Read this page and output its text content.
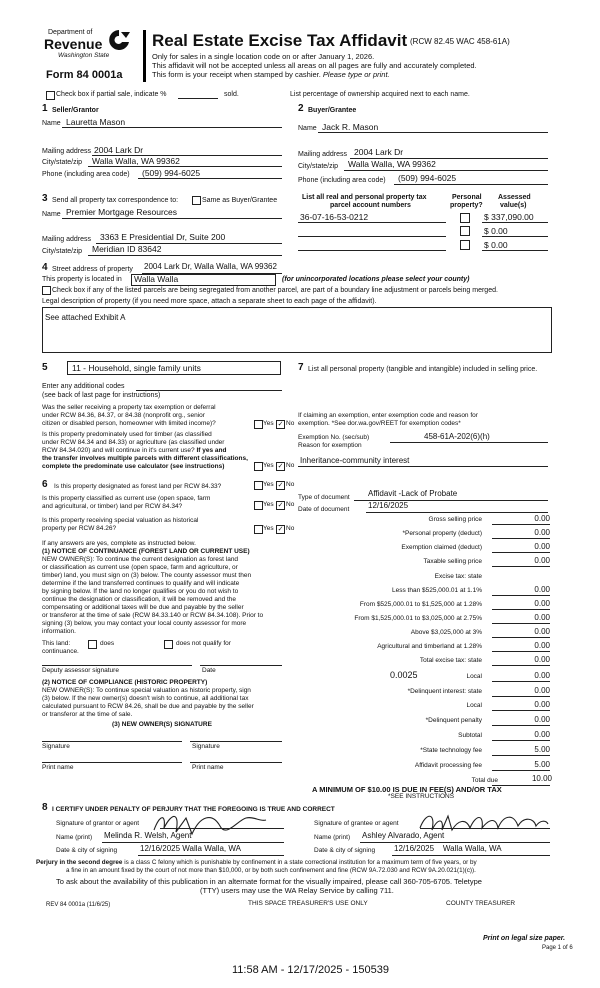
Department of
Revenue
Washington State
Form 84 0001a
Real Estate Excise Tax Affidavit (RCW 82.45 WAC 458-61A)
Only for sales in a single location code on or after January 1, 2026.
This affidavit will not be accepted unless all areas on all pages are fully and accurately completed.
This form is your receipt when stamped by cashier. Please type or print.
Check box if partial sale, indicate %	sold.	List percentage of ownership acquired next to each name.
1 Seller/Grantor
Name Lauretta Mason
Mailing address 2004 Lark Dr
City/state/zip Walla Walla, WA 99362
Phone (including area code) (509) 994-6025
2 Buyer/Grantee
Name Jack R. Mason
Mailing address 2004 Lark Dr
City/state/zip Walla Walla, WA 99362
Phone (including area code) (509) 994-6025
3 Send all property tax correspondence to:	Same as Buyer/Grantee
Name Premier Mortgage Resources
Mailing address 3363 E Presidential Dr, Suite 200
City/state/zip Meridian ID 83642
List all real and personal property tax
parcel account numbers
Personal
property?
Assessed
value(s)
36-07-16-53-0212	$ 337,090.00
$ 0.00
$ 0.00
4 Street address of property 2004 Lark Dr, Walla Walla, WA 99362
This property is located in Walla Walla	(for unincorporated locations please select your county)
Check box if any of the listed parcels are being segregated from another parcel, are part of a boundary line adjustment or parcels being merged.
Legal description of property (if you need more space, attach a separate sheet to each page of the affidavit).
See attached Exhibit A
5	11 - Household, single family units
Enter any additional codes
(see back of last page for instructions)
Was the seller receiving a property tax exemption or deferral
under RCW 84.36, 84.37, or 84.38 (nonprofit org., senior
citizen or disabled person, homeowner with limited income)?	Yes ✓ No
Is this property predominately used for timber (as classified
under RCW 84.34 and 84.33) or agriculture (as classified under
RCW 84.34.020) and will continue in it's current use? If yes and
the transfer involves multiple parcels with different classifications,
complete the predominate use calculator (see instructions)	Yes ✓ No
6 Is this property designated as forest land per RCW 84.33?	Yes ✓ No
Is this property classified as current use (open space, farm
and agricultural, or timber) land per RCW 84.34?	Yes ✓ No
Is this property receiving special valuation as historical
property per RCW 84.26?	Yes ✓ No
If any answers are yes, complete as instructed below.
(1) NOTICE OF CONTINUANCE (FOREST LAND OR CURRENT USE)
NEW OWNER(S): To continue the current designation as forest land
or classification as current use (open space, farm and agriculture, or
timber) land, you must sign on (3) below. The county assessor must then
determine if the land transferred continues to qualify and will indicate
by signing below. If the land no longer qualifies or you do not wish to
continue the designation or classification, it will be removed and the
compensating or additional taxes will be due and payable by the seller
or transferor at the time of sale (RCW 84.33.140 or RCW 84.34.108). Prior to
signing (3) below, you may contact your local county assessor for more
information.
This land:	does	does not qualify for
continuance.
Deputy assessor signature	Date
(2) NOTICE OF COMPLIANCE (HISTORIC PROPERTY)
NEW OWNER(S): To continue special valuation as historic property, sign
(3) below. If the new owner(s) doesn't wish to continue, all additional tax
calculated pursuant to RCW 84.26, shall be due and payable by the seller
or transferor at the time of sale.
(3) NEW OWNER(S) SIGNATURE
Signature	Signature
Print name	Print name
7 List all personal property (tangible and intangible) included in selling price.
If claiming an exemption, enter exemption code and reason for
exemption. *See dor.wa.gov/REET for exemption codes*
Exemption No. (sec/sub)	458-61A-202(6)(h)
Reason for exemption
Inheritance-community interest
Type of document Affidavit -Lack of Probate
Date of document 12/16/2025
Gross selling price	0.00
*Personal property (deduct)	0.00
Exemption claimed (deduct)	0.00
Taxable selling price	0.00
Excise tax: state
Less than $525,000.01 at 1.1%	0.00
From $525,000.01 to $1,525,000 at 1.28%	0.00
From $1,525,000.01 to $3,025,000 at 2.75%	0.00
Above $3,025,000 at 3%	0.00
Agricultural and timberland at 1.28%	0.00
Total excise tax: state	0.00
0.0025	Local	0.00
*Delinquent interest: state	0.00
Local	0.00
*Delinquent penalty	0.00
Subtotal	0.00
*State technology fee	5.00
Affidavit processing fee	5.00
Total due	10.00
A MINIMUM OF $10.00 IS DUE IN FEE(S) AND/OR TAX
*SEE INSTRUCTIONS
8 I CERTIFY UNDER PENALTY OF PERJURY THAT THE FOREGOING IS TRUE AND CORRECT
Signature of grantor or agent
Name (print) Melinda R. Welsh, Agent
Date & city of signing	12/16/2025 Walla Walla, WA
Signature of grantee or agent
Name (print) Ashley Alvarado, Agent
Date & city of signing 12/16/2025    Walla Walla, WA
Perjury in the second degree is a class C felony which is punishable by confinement in a state correctional institution for a maximum term of five years, or by
a fine in an amount fixed by the court of not more than $10,000, or by both such confinement and fine (RCW 9A.72.030 and RCW 9A.20.021(1)(c)).
To ask about the availability of this publication in an alternate format for the visually impaired, please call 360-705-6705. Teletype
(TTY) users may use the WA Relay Service by calling 711.
REV 84 0001a (11/6/25)	THIS SPACE TREASURER'S USE ONLY	COUNTY TREASURER
Print on legal size paper.
Page 1 of 6
11:58 AM - 12/17/2025 - 150539
